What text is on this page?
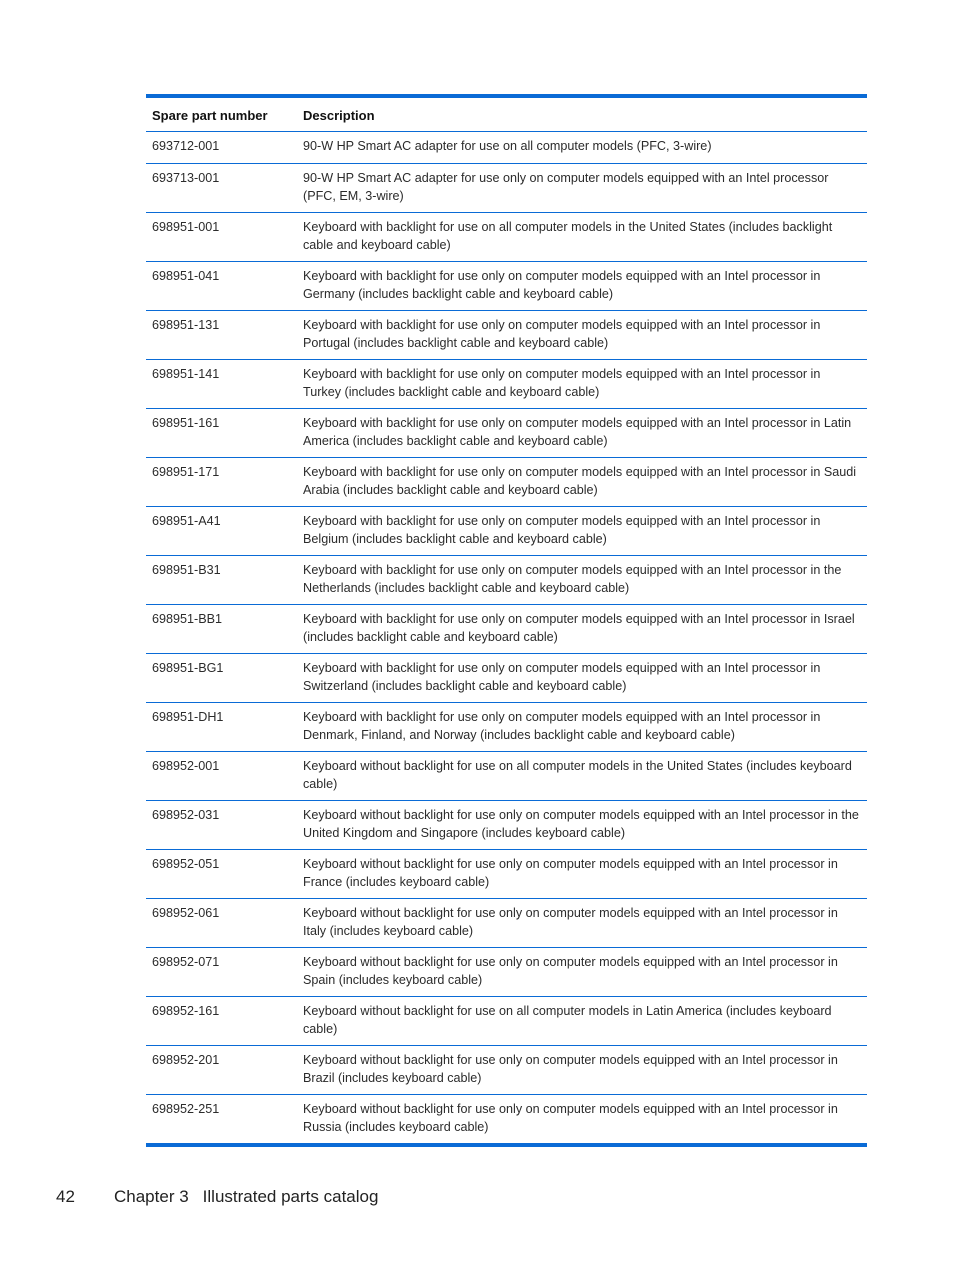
Spare part number	Description
693712-001	90-W HP Smart AC adapter for use on all computer models (PFC, 3-wire)
693713-001	90-W HP Smart AC adapter for use only on computer models equipped with an Intel processor (PFC, EM, 3-wire)
698951-001	Keyboard with backlight for use on all computer models in the United States (includes backlight cable and keyboard cable)
698951-041	Keyboard with backlight for use only on computer models equipped with an Intel processor in Germany (includes backlight cable and keyboard cable)
698951-131	Keyboard with backlight for use only on computer models equipped with an Intel processor in Portugal (includes backlight cable and keyboard cable)
698951-141	Keyboard with backlight for use only on computer models equipped with an Intel processor in Turkey (includes backlight cable and keyboard cable)
698951-161	Keyboard with backlight for use only on computer models equipped with an Intel processor in Latin America (includes backlight cable and keyboard cable)
698951-171	Keyboard with backlight for use only on computer models equipped with an Intel processor in Saudi Arabia (includes backlight cable and keyboard cable)
698951-A41	Keyboard with backlight for use only on computer models equipped with an Intel processor in Belgium (includes backlight cable and keyboard cable)
698951-B31	Keyboard with backlight for use only on computer models equipped with an Intel processor in the Netherlands (includes backlight cable and keyboard cable)
698951-BB1	Keyboard with backlight for use only on computer models equipped with an Intel processor in Israel (includes backlight cable and keyboard cable)
698951-BG1	Keyboard with backlight for use only on computer models equipped with an Intel processor in Switzerland (includes backlight cable and keyboard cable)
698951-DH1	Keyboard with backlight for use only on computer models equipped with an Intel processor in Denmark, Finland, and Norway (includes backlight cable and keyboard cable)
698952-001	Keyboard without backlight for use on all computer models in the United States (includes keyboard cable)
698952-031	Keyboard without backlight for use only on computer models equipped with an Intel processor in the United Kingdom and Singapore (includes keyboard cable)
698952-051	Keyboard without backlight for use only on computer models equipped with an Intel processor in France (includes keyboard cable)
698952-061	Keyboard without backlight for use only on computer models equipped with an Intel processor in Italy (includes keyboard cable)
698952-071	Keyboard without backlight for use only on computer models equipped with an Intel processor in Spain (includes keyboard cable)
698952-161	Keyboard without backlight for use on all computer models in Latin America (includes keyboard cable)
698952-201	Keyboard without backlight for use only on computer models equipped with an Intel processor in Brazil (includes keyboard cable)
698952-251	Keyboard without backlight for use only on computer models equipped with an Intel processor in Russia (includes keyboard cable)
42 Chapter 3 Illustrated parts catalog
